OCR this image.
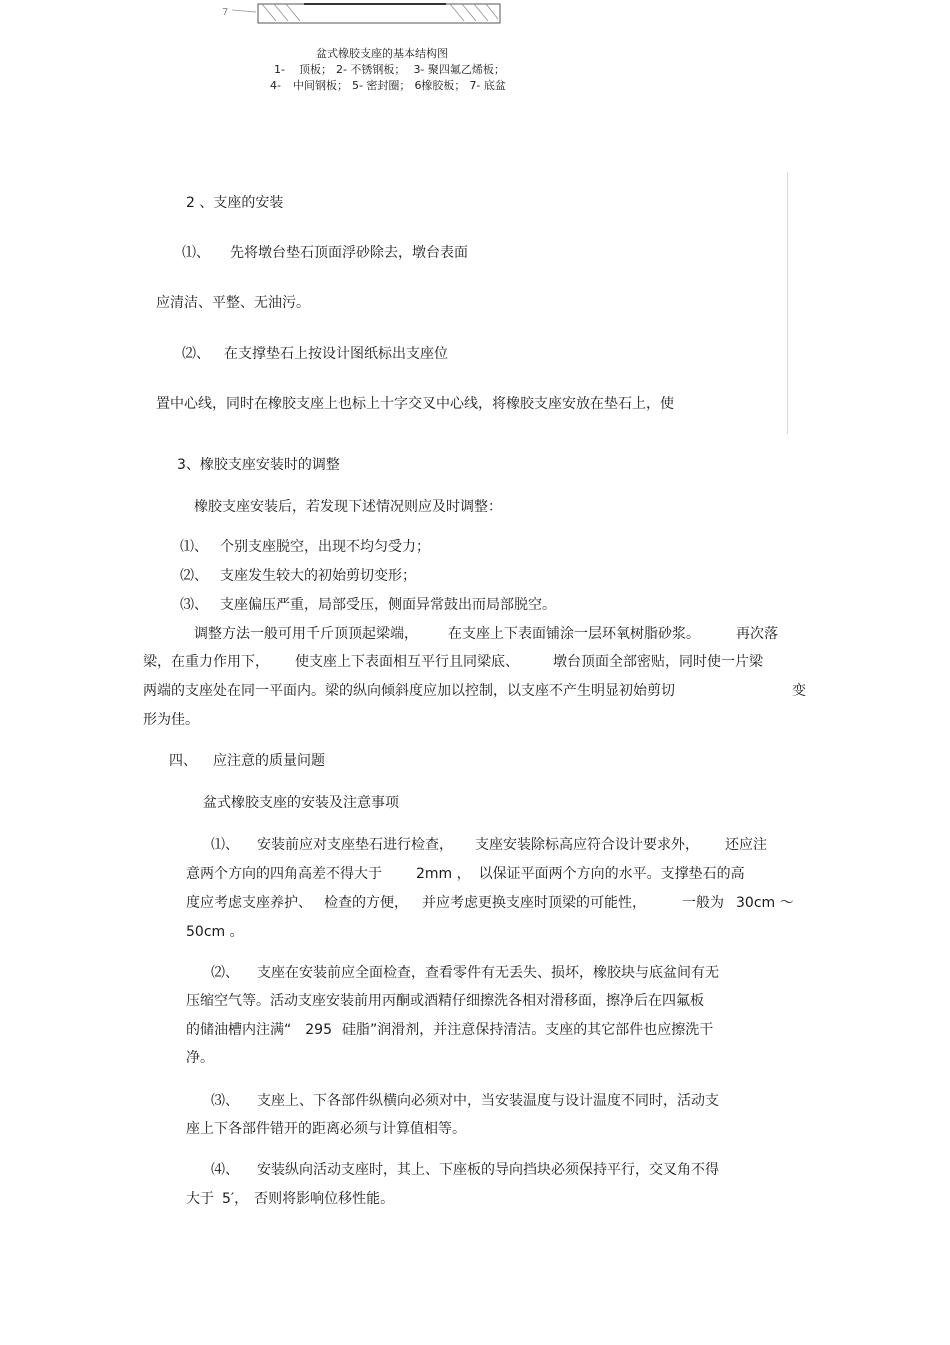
7
盆式橡胶支座的基本结构图
1- 顶板； 2- 不锈钢板； 3- 聚四氟乙烯板；
4- 中间钢板； 5- 密封圈； 6橡胶板； 7- 底盆
2 、支座的安装
⑴、 先将墩台垫石顶面浮砂除去，墩台表面
应清洁、平整、无油污。
⑵、 在支撑垫石上按设计图纸标出支座位
置中心线，同时在橡胶支座上也标上十字交叉中心线，将橡胶支座安放在垫石上，使
3、橡胶支座安装时的调整
橡胶支座安装后，若发现下述情况则应及时调整：
⑴、 个别支座脱空，出现不均匀受力；
⑵、 支座发生较大的初始剪切变形；
⑶、 支座偏压严重，局部受压，侧面异常鼓出而局部脱空。
调整方法一般可用千斤顶顶起梁端， 在支座上下表面铺涂一层环氧树脂砂浆。	再次落
梁，在重力作用下， 使支座上下表面相互平行且同梁底、 墩台顶面全部密贴，同时使一片梁
两端的支座处在同一平面内。梁的纵向倾斜度应加以控制，以支座不产生明显初始剪切	变
形为佳。
四、 应注意的质量问题
盆式橡胶支座的安装及注意事项
⑴、 安装前应对支座垫石进行检查， 支座安装除标高应符合设计要求外， 还应注
意两个方向的四角高差不得大于 2mm ， 以保证平面两个方向的水平。支撑垫石的高
度应考虑支座养护、 检查的方便， 并应考虑更换支座时顶梁的可能性，	一般为 30cm ～
50cm 。
⑵、 支座在安装前应全面检查，查看零件有无丢失、损坏，橡胶块与底盆间有无
压缩空气等。活动支座安装前用丙酮或酒精仔细擦洗各相对滑移面，擦净后在四氟板
的储油槽内注满“ 295 硅脂”润滑剂，并注意保持清洁。支座的其它部件也应擦洗干
净。
⑶、 支座上、下各部件纵横向必须对中，当安装温度与设计温度不同时，活动支
座上下各部件错开的距离必须与计算值相等。
⑷、 安装纵向活动支座时，其上、下座板的导向挡块必须保持平行，交叉角不得
大于 5′， 否则将影响位移性能。
